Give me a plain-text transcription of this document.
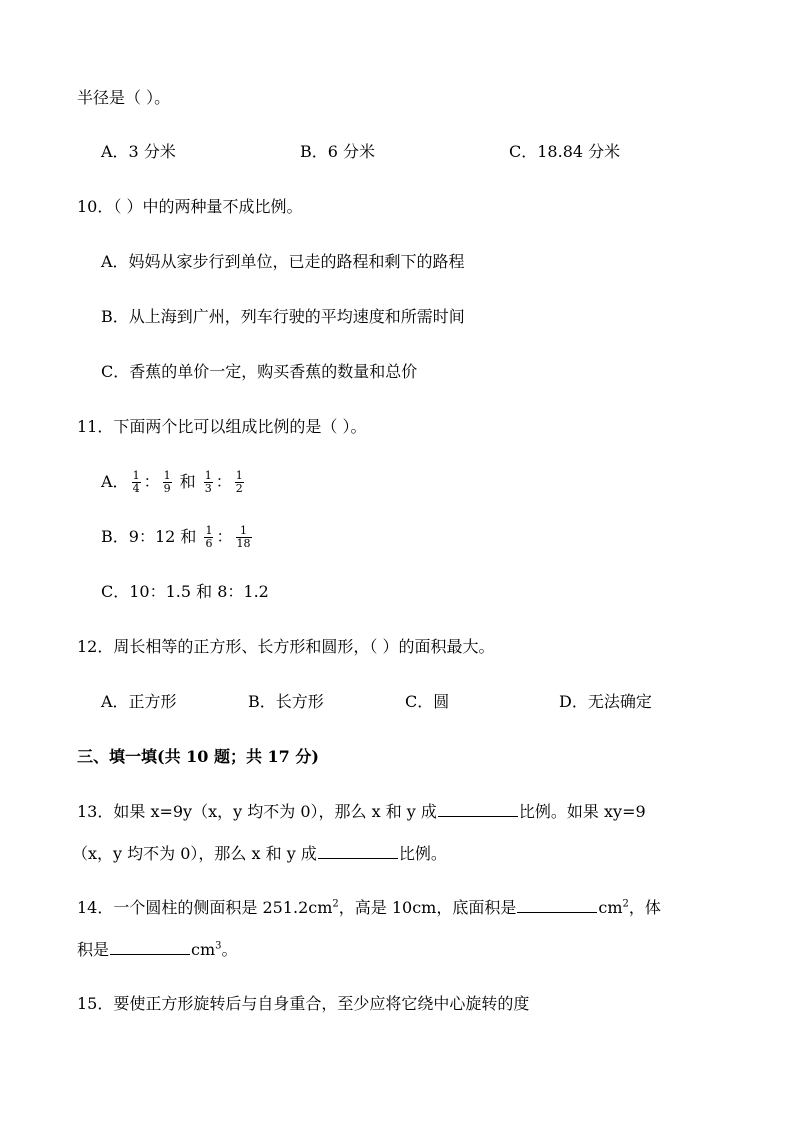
半径是（ ）。
A．3 分米	B．6 分米	C．18.84 分米
10．（ ）中的两种量不成比例。
A．妈妈从家步行到单位，已走的路程和剩下的路程
B．从上海到广州，列车行驶的平均速度和所需时间
C．香蕉的单价一定，购买香蕉的数量和总价
11．下面两个比可以组成比例的是（ ）。
A． $\frac{1}{4}$ ： $\frac{1}{9}$ 和 $\frac{1}{3}$ ： $\frac{1}{2}$
B．9：12 和 $\frac{1}{6}$ ： $\frac{1}{18}$
C．10：1.5 和 8：1.2
12．周长相等的正方形、长方形和圆形，（ ）的面积最大。
A．正方形	B．长方形	C．圆	D．无法确定
三、填一填(共 10 题；共 17 分)
13．如果 x=9y（x，y 均不为 0），那么 x 和 y 成	比例。如果 xy=9
（x，y 均不为 0），那么 x 和 y 成	比例。
14．一个圆柱的侧面积是 $251.2cm^2$，高是 10cm，底面积是	$cm^2$，体
积是	$cm^3$。
15．要使正方形旋转后与自身重合，至少应将它绕中心旋转的度
